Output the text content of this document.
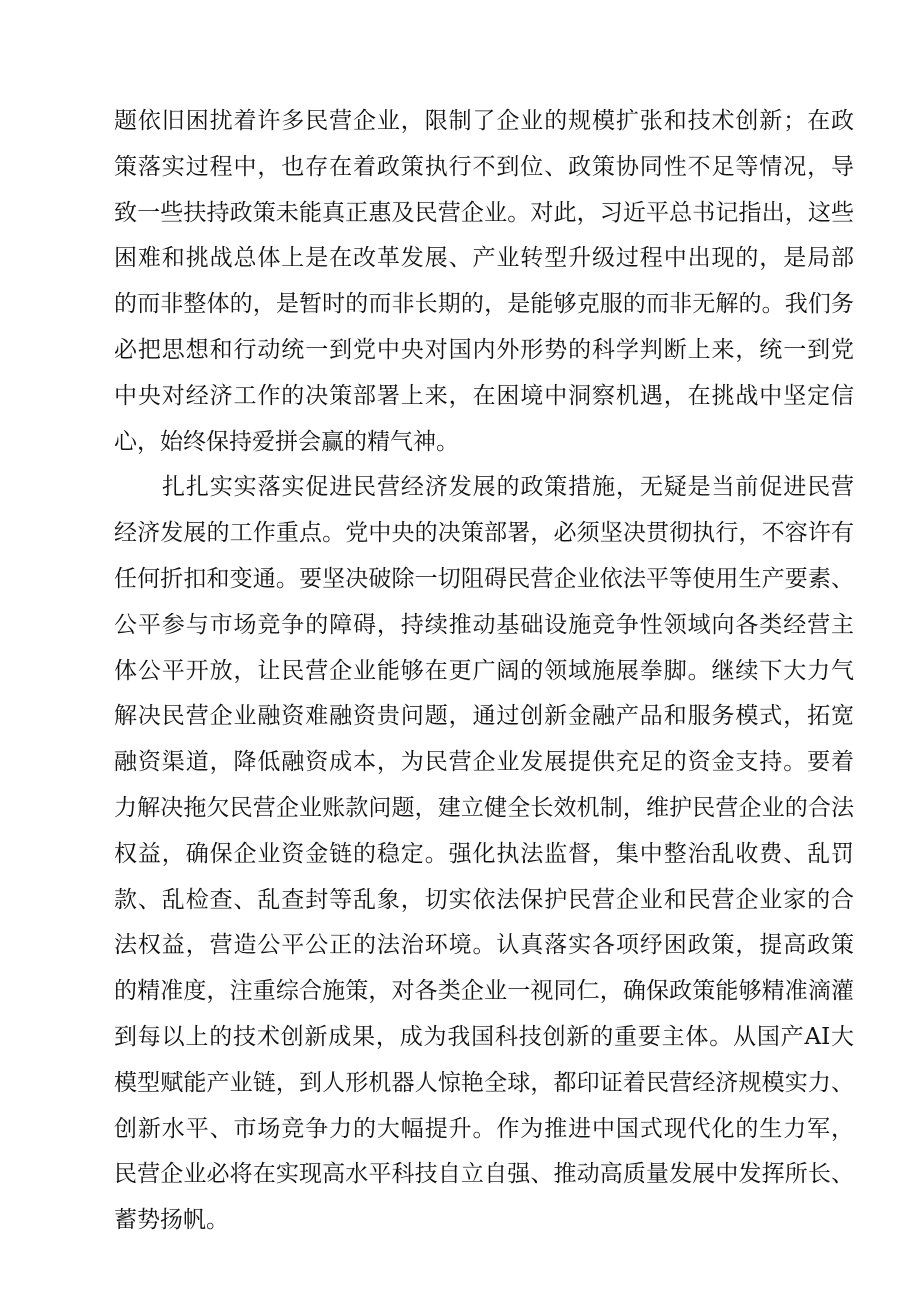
题依旧困扰着许多民营企业，限制了企业的规模扩张和技术创新；在政
策落实过程中，也存在着政策执行不到位、政策协同性不足等情况，导
致一些扶持政策未能真正惠及民营企业。对此，习近平总书记指出，这些
困难和挑战总体上是在改革发展、产业转型升级过程中出现的，是局部
的而非整体的，是暂时的而非长期的，是能够克服的而非无解的。我们务
必把思想和行动统一到党中央对国内外形势的科学判断上来，统一到党
中央对经济工作的决策部署上来，在困境中洞察机遇，在挑战中坚定信
心，始终保持爱拼会赢的精气神。
扎扎实实落实促进民营经济发展的政策措施，无疑是当前促进民营
经济发展的工作重点。党中央的决策部署，必须坚决贯彻执行，不容许有
任何折扣和变通。要坚决破除一切阻碍民营企业依法平等使用生产要素、
公平参与市场竞争的障碍，持续推动基础设施竞争性领域向各类经营主
体公平开放，让民营企业能够在更广阔的领域施展拳脚。继续下大力气
解决民营企业融资难融资贵问题，通过创新金融产品和服务模式，拓宽
融资渠道，降低融资成本，为民营企业发展提供充足的资金支持。要着
力解决拖欠民营企业账款问题，建立健全长效机制，维护民营企业的合法
权益，确保企业资金链的稳定。强化执法监督，集中整治乱收费、乱罚
款、乱检查、乱查封等乱象，切实依法保护民营企业和民营企业家的合
法权益，营造公平公正的法治环境。认真落实各项纾困政策，提高政策
的精准度，注重综合施策，对各类企业一视同仁，确保政策能够精准滴灌
到每以上的技术创新成果，成为我国科技创新的重要主体。从国产AI大
模型赋能产业链，到人形机器人惊艳全球，都印证着民营经济规模实力、
创新水平、市场竞争力的大幅提升。作为推进中国式现代化的生力军，
民营企业必将在实现高水平科技自立自强、推动高质量发展中发挥所长、
蓄势扬帆。
